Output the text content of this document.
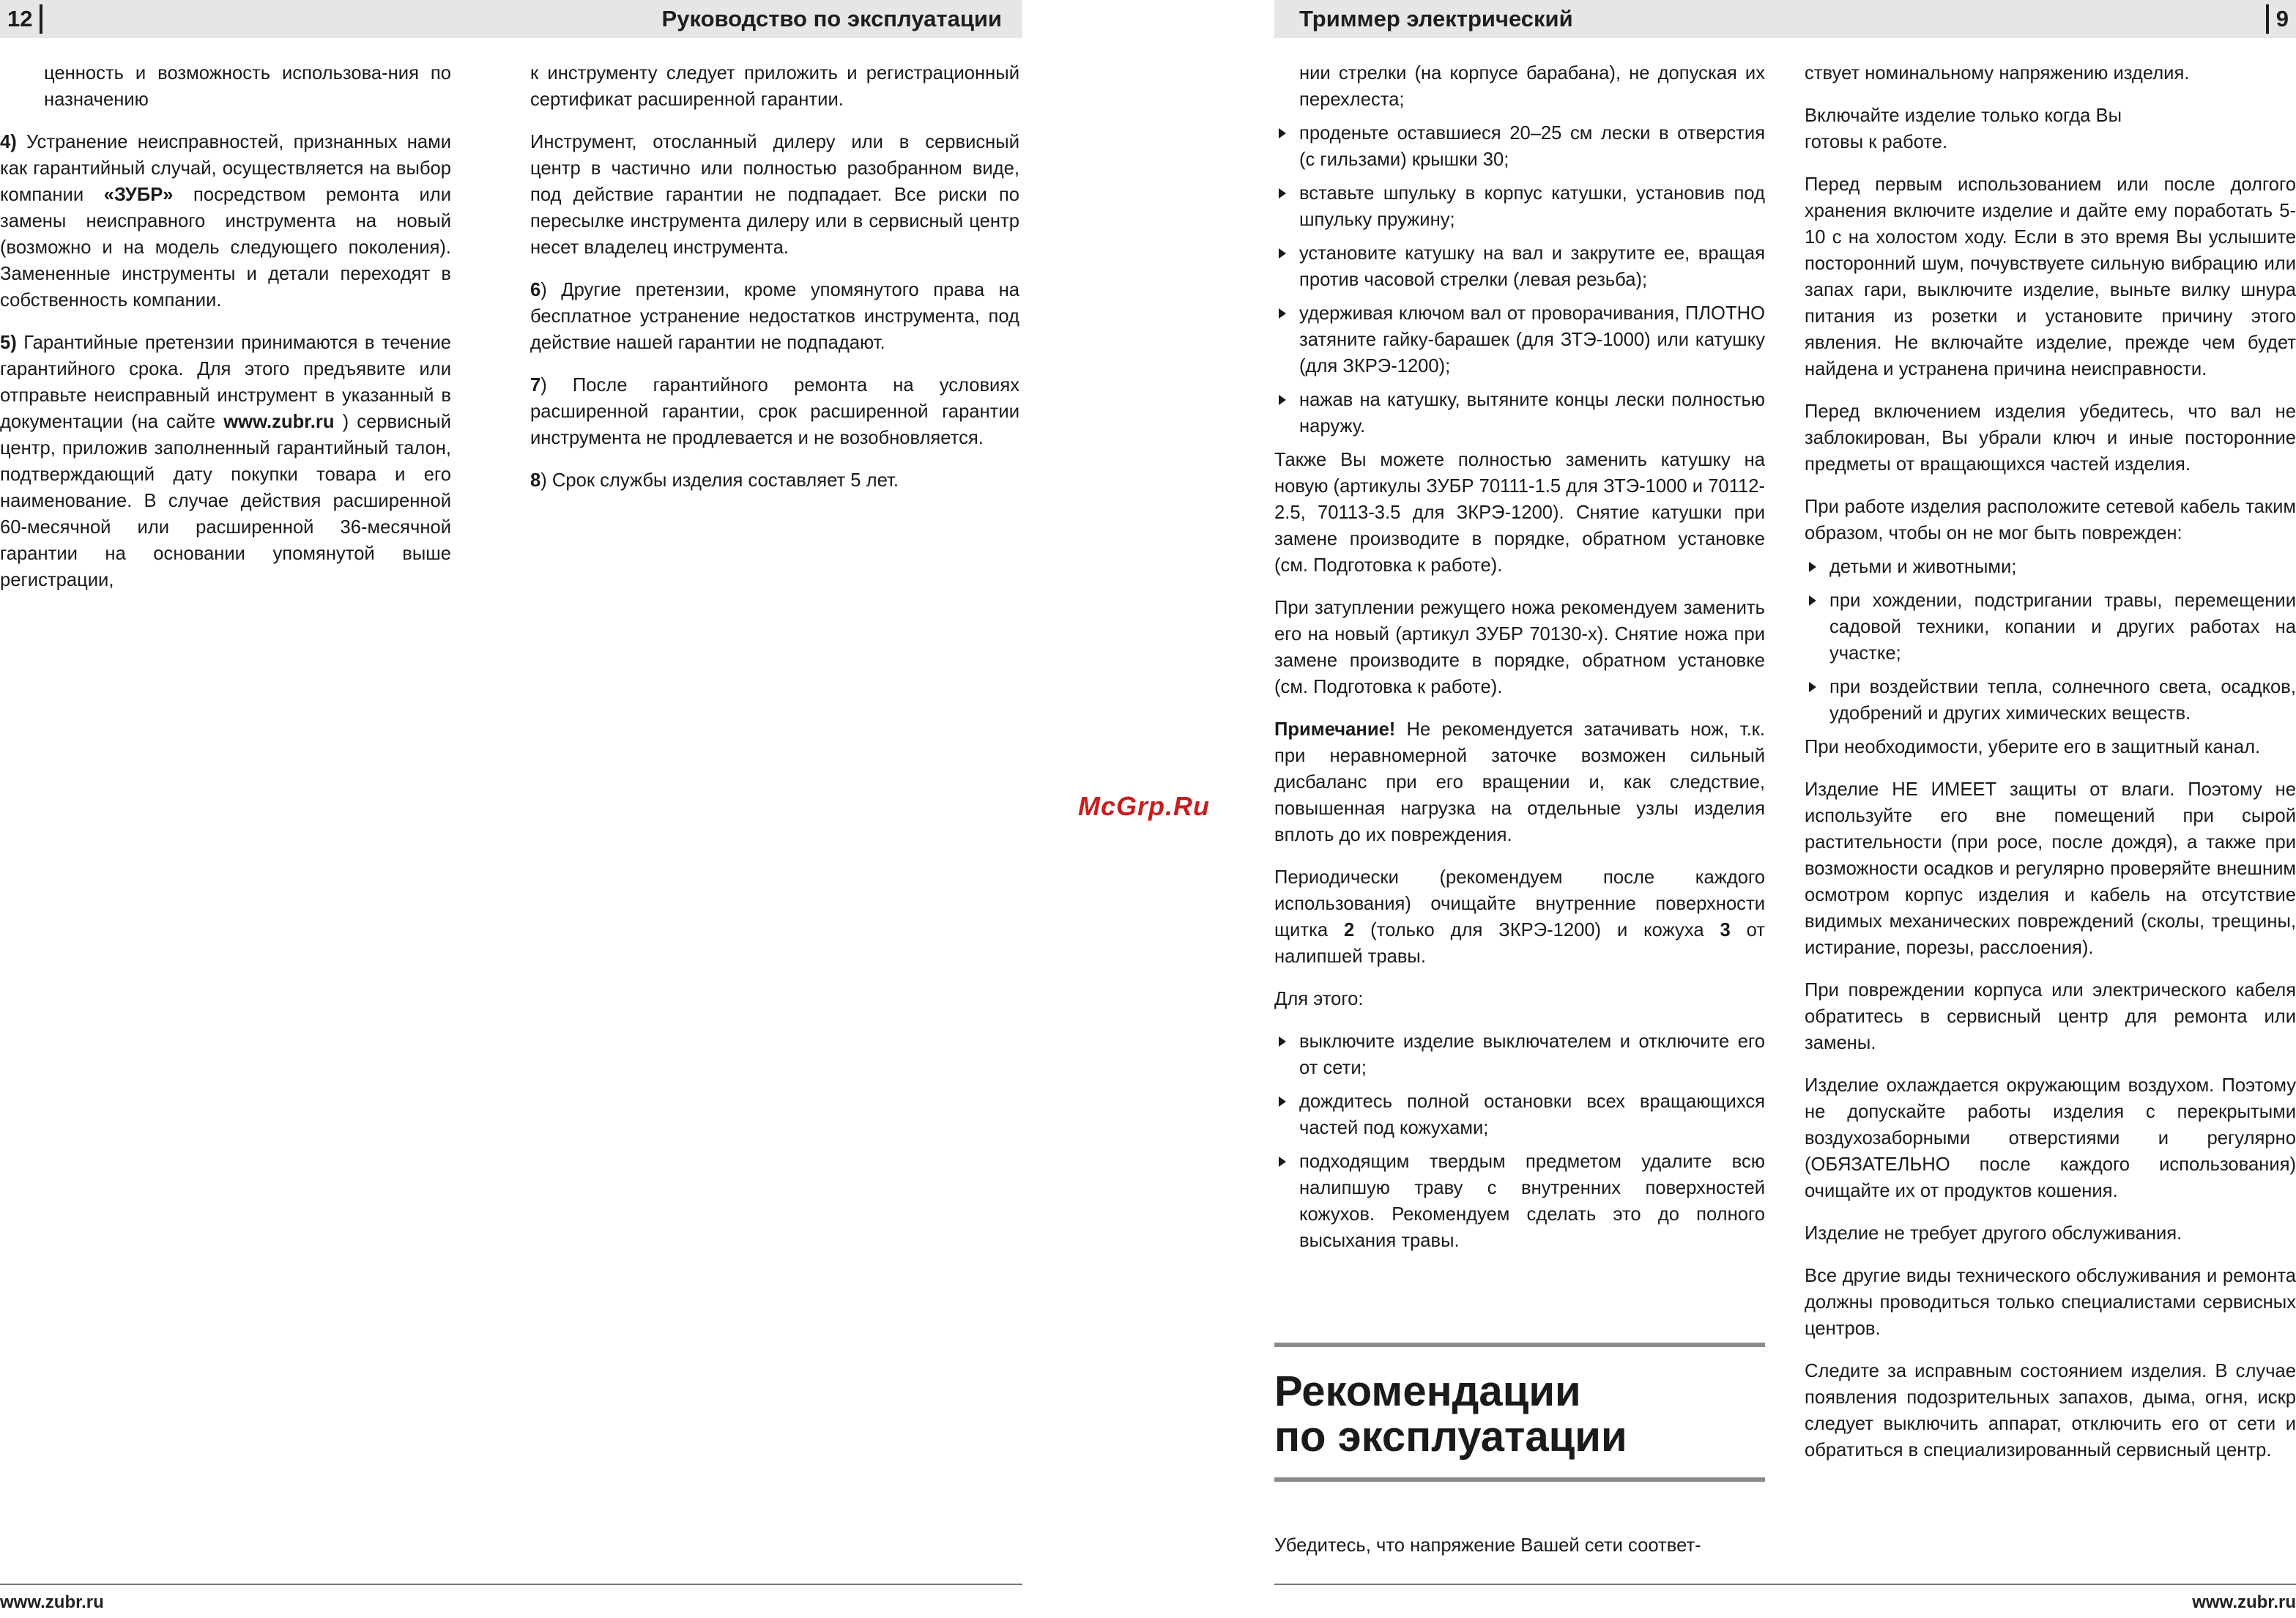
12	Руководство по эксплуатации

ценность и возможность использова-ния по назначению

4) Устранение неисправностей, признанных нами как гарантийный случай, осуществляется на выбор компании «ЗУБР» посредством ремонта или замены неисправного инструмента на новый (возможно и на модель следующего поколения). Замененные инструменты и детали переходят в собственность компании.

5) Гарантийные претензии принимаются в течение гарантийного срока. Для этого предъявите или отправьте неисправный инструмент в указанный в документации (на сайте www.zubr.ru ) сервисный центр, приложив заполненный гарантийный талон, подтверждающий дату покупки товара и его наименование. В случае действия расширенной 60-месячной или расширенной 36-месячной гарантии на основании упомянутой выше регистрации,

к инструменту следует приложить и регистрационный сертификат расширенной гарантии.

Инструмент, отосланный дилеру или в сервисный центр в частично или полностью разобранном виде, под действие гарантии не подпадает. Все риски по пересылке инструмента дилеру или в сервисный центр несет владелец инструмента.

6) Другие претензии, кроме упомянутого права на бесплатное устранение недостатков инструмента, под действие нашей гарантии не подпадают.

7) После гарантийного ремонта на условиях расширенной гарантии, срок расширенной гарантии инструмента не продлевается и не возобновляется.

8) Срок службы изделия составляет 5 лет.

www.zubr.ru
McGrp.Ru
Триммер электрический	9

нии стрелки (на корпусе барабана), не допуская их перехлеста;

проденьте оставшиеся 20–25 см лески в отверстия (с гильзами) крышки 30;
вставьте шпульку в корпус катушки, установив под шпульку пружину;
установите катушку на вал и закрутите ее, вращая против часовой стрелки (левая резьба);
удерживая ключом вал от проворачивания, ПЛОТНО затяните гайку-барашек (для ЗТЭ-1000) или катушку (для ЗКРЭ-1200);
нажав на катушку, вытяните концы лески полностью наружу.

Также Вы можете полностью заменить катушку на новую (артикулы ЗУБР 70111-1.5 для ЗТЭ-1000 и 70112-2.5, 70113-3.5 для ЗКРЭ-1200). Снятие катушки при замене производите в порядке, обратном установке (см. Подготовка к работе).

При затуплении режущего ножа рекомендуем заменить его на новый (артикул ЗУБР 70130-х). Снятие ножа при замене производите в порядке, обратном установке (см. Подготовка к работе).

Примечание! Не рекомендуется затачивать нож, т.к. при неравномерной заточке возможен сильный дисбаланс при его вращении и, как следствие, повышенная нагрузка на отдельные узлы изделия вплоть до их повреждения.

Периодически (рекомендуем после каждого использования) очищайте внутренние поверхности щитка 2 (только для ЗКРЭ-1200) и кожуха 3 от налипшей травы.

Для этого:

выключите изделие выключателем и отключите его от сети;
дождитесь полной остановки всех вращающихся частей под кожухами;
подходящим твердым предметом удалите всю налипшую траву с внутренних поверхностей кожухов. Рекомендуем сделать это до полного высыхания травы.
Рекомендации
по эксплуатации

Убедитесь, что напряжение Вашей сети соответ-

ствует номинальному напряжению изделия.

Включайте изделие только когда Вы готовы к работе.

Перед первым использованием или после долгого хранения включите изделие и дайте ему поработать 5-10 с на холостом ходу. Если в это время Вы услышите посторонний шум, почувствуете сильную вибрацию или запах гари, выключите изделие, выньте вилку шнура питания из розетки и установите причину этого явления. Не включайте изделие, прежде чем будет найдена и устранена причина неисправности.

Перед включением изделия убедитесь, что вал не заблокирован, Вы убрали ключ и иные посторонние предметы от вращающихся частей изделия.

При работе изделия расположите сетевой кабель таким образом, чтобы он не мог быть поврежден:

детьми и животными;
при хождении, подстригании травы, перемещении садовой техники, копании и других работах на участке;
при воздействии тепла, солнечного света, осадков, удобрений и других химических веществ.

При необходимости, уберите его в защитный канал.

Изделие НЕ ИМЕЕТ защиты от влаги. Поэтому не используйте его вне помещений при сырой растительности (при росе, после дождя), а также при возможности осадков и регулярно проверяйте внешним осмотром корпус изделия и кабель на отсутствие видимых механических повреждений (сколы, трещины, истирание, порезы, расслоения).

При повреждении корпуса или электрического кабеля обратитесь в сервисный центр для ремонта или замены.

Изделие охлаждается окружающим воздухом. Поэтому не допускайте работы изделия с перекрытыми воздухозаборными отверстиями и регулярно (ОБЯЗАТЕЛЬНО после каждого использования) очищайте их от продуктов кошения.

Изделие не требует другого обслуживания.

Все другие виды технического обслуживания и ремонта должны проводиться только специалистами сервисных центров.

Следите за исправным состоянием изделия. В случае появления подозрительных запахов, дыма, огня, искр следует выключить аппарат, отключить его от сети и обратиться в специализированный сервисный центр.

www.zubr.ru
